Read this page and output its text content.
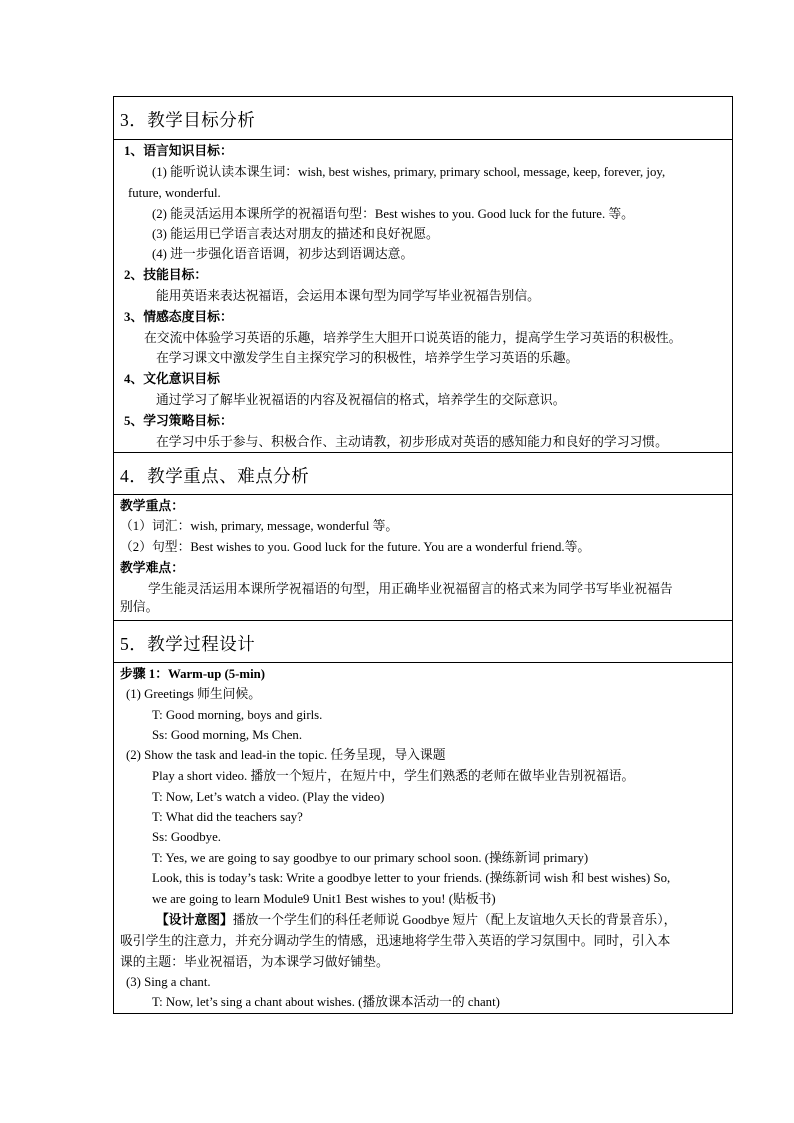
3．教学目标分析
1、语言知识目标：
(1) 能听说认读本课生词：wish, best wishes, primary, primary school, message, keep, forever, joy,
future, wonderful.
(2) 能灵活运用本课所学的祝福语句型：Best wishes to you. Good luck for the future. 等。
(3) 能运用已学语言表达对朋友的描述和良好祝愿。
(4) 进一步强化语音语调，初步达到语调达意。
2、技能目标：
能用英语来表达祝福语，会运用本课句型为同学写毕业祝福告别信。
3、情感态度目标：
在交流中体验学习英语的乐趣，培养学生大胆开口说英语的能力，提高学生学习英语的积极性。
在学习课文中激发学生自主探究学习的积极性，培养学生学习英语的乐趣。
4、文化意识目标
通过学习了解毕业祝福语的内容及祝福信的格式，培养学生的交际意识。
5、学习策略目标：
在学习中乐于参与、积极合作、主动请教，初步形成对英语的感知能力和良好的学习习惯。
4．教学重点、难点分析
教学重点：
（1）词汇：wish, primary, message, wonderful 等。
（2）句型：Best wishes to you. Good luck for the future. You are a wonderful friend.等。
教学难点：
学生能灵活运用本课所学祝福语的句型，用正确毕业祝福留言的格式来为同学书写毕业祝福告
别信。
5．教学过程设计
步骤 1：Warm-up (5-min)
(1) Greetings 师生问候。
T: Good morning, boys and girls.
Ss: Good morning, Ms Chen.
(2) Show the task and lead-in the topic. 任务呈现，导入课题
Play a short video. 播放一个短片，在短片中，学生们熟悉的老师在做毕业告别祝福语。
T: Now, Let’s watch a video. (Play the video)
T: What did the teachers say?
Ss: Goodbye.
T: Yes, we are going to say goodbye to our primary school soon. (操练新词 primary)
Look, this is today’s task: Write a goodbye letter to your friends. (操练新词 wish 和 best wishes) So,
we are going to learn Module9 Unit1 Best wishes to you! (贴板书)
【设计意图】播放一个学生们的科任老师说 Goodbye 短片（配上友谊地久天长的背景音乐），
吸引学生的注意力，并充分调动学生的情感，迅速地将学生带入英语的学习氛围中。同时，引入本
课的主题：毕业祝福语，为本课学习做好铺垫。
(3) Sing a chant.
T: Now, let’s sing a chant about wishes. (播放课本活动一的 chant)
